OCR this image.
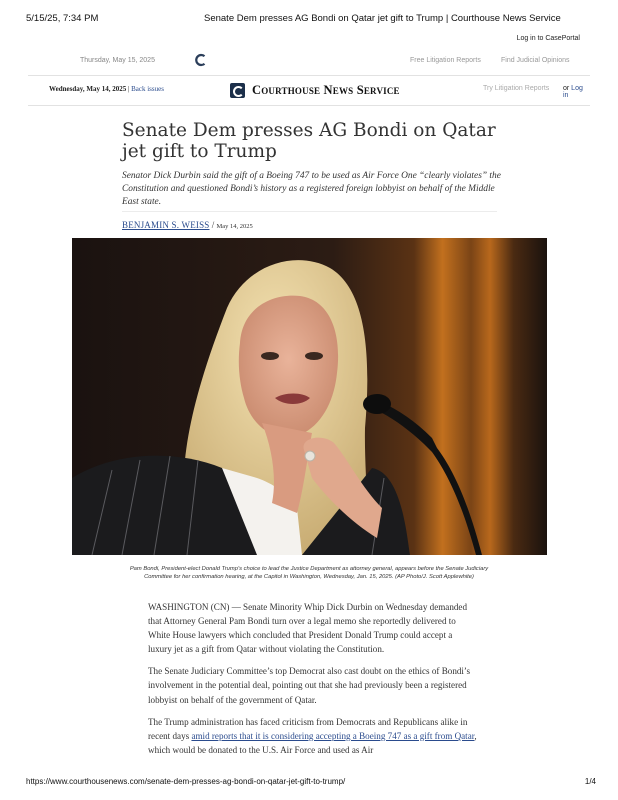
5/15/25, 7:34 PM	Senate Dem presses AG Bondi on Qatar jet gift to Trump | Courthouse News Service
Log in to CasePortal
Thursday, May 15, 2025	Free Litigation Reports	Find Judicial Opinions
Wednesday, May 14, 2025 | Back issues	Courthouse News Service	Try Litigation Reports or Log in
Senate Dem presses AG Bondi on Qatar jet gift to Trump

Senator Dick Durbin said the gift of a Boeing 747 to be used as Air Force One “clearly violates” the Constitution and questioned Bondi’s history as a registered foreign lobbyist on behalf of the Middle East state.

BENJAMIN S. WEISS / May 14, 2025

Pam Bondi, President-elect Donald Trump's choice to lead the Justice Department as attorney general, appears before the Senate Judiciary Committee for her confirmation hearing, at the Capitol in Washington, Wednesday, Jan. 15, 2025. (AP Photo/J. Scott Applewhite)

WASHINGTON (CN) — Senate Minority Whip Dick Durbin on Wednesday demanded that Attorney General Pam Bondi turn over a legal memo she reportedly delivered to White House lawyers which concluded that President Donald Trump could accept a luxury jet as a gift from Qatar without violating the Constitution.

The Senate Judiciary Committee’s top Democrat also cast doubt on the ethics of Bondi’s involvement in the potential deal, pointing out that she had previously been a registered lobbyist on behalf of the government of Qatar.

The Trump administration has faced criticism from Democrats and Republicans alike in recent days amid reports that it is considering accepting a Boeing 747 as a gift from Qatar, which would be donated to the U.S. Air Force and used as Air

https://www.courthousenews.com/senate-dem-presses-ag-bondi-on-qatar-jet-gift-to-trump/	1/4
